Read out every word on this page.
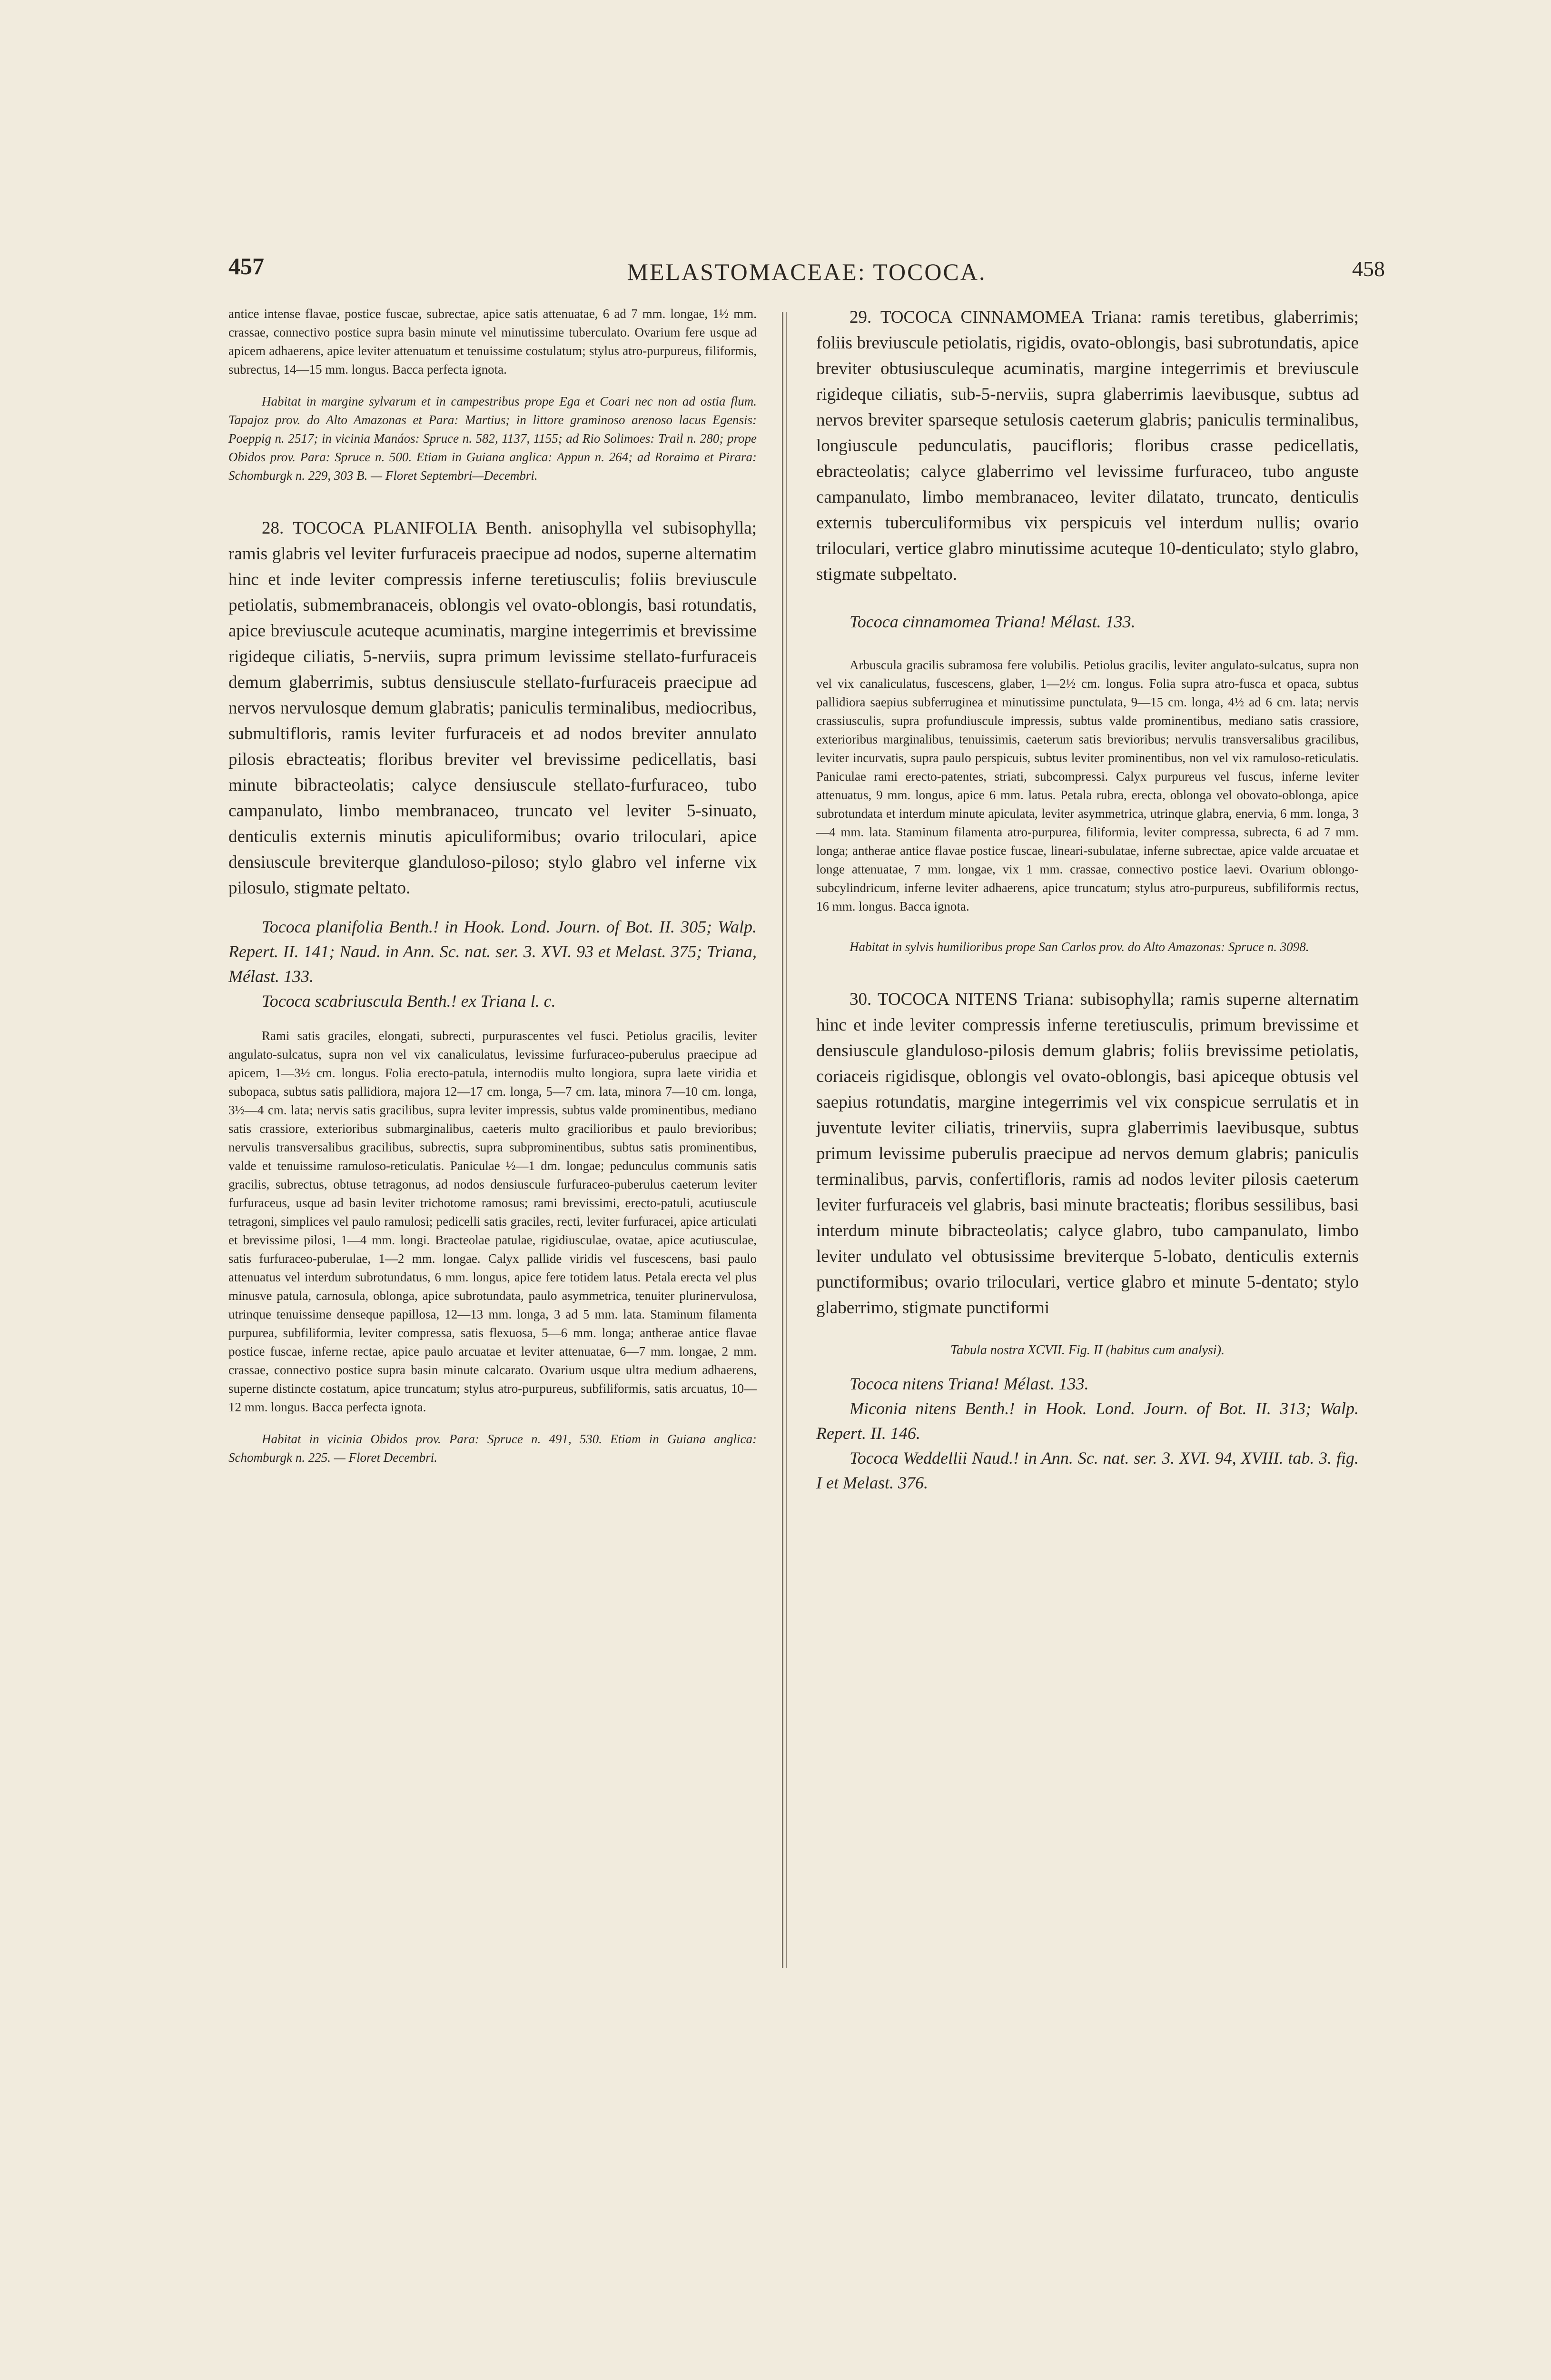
457	MELASTOMACEAE: TOCOCA.	458

antice intense flavae, postice fuscae, subrectae, apice satis attenuatae, 6 ad 7 mm. longae, 1½ mm. crassae, connectivo postice supra basin minute vel minutissime tuberculato. Ovarium fere usque ad apicem adhaerens, apice leviter attenuatum et tenuissime costulatum; stylus atro-purpureus, filiformis, subrectus, 14—15 mm. longus. Bacca perfecta ignota.

Habitat in margine sylvarum et in campestribus prope Ega et Coari nec non ad ostia flum. Tapajoz prov. do Alto Amazonas et Para: Martius; in littore graminoso arenoso lacus Egensis: Poeppig n. 2517; in vicinia Manáos: Spruce n. 582, 1137, 1155; ad Rio Solimoes: Trail n. 280; prope Obidos prov. Para: Spruce n. 500. Etiam in Guiana anglica: Appun n. 264; ad Roraima et Pirara: Schomburgk n. 229, 303 B. — Floret Septembri—Decembri.

28. TOCOCA PLANIFOLIA Benth. anisophylla vel subisophylla; ramis glabris vel leviter furfuraceis praecipue ad nodos, superne alternatim hinc et inde leviter compressis inferne teretiusculis; foliis breviuscule petiolatis, submembranaceis, oblongis vel ovato-oblongis, basi rotundatis, apice breviuscule acuteque acuminatis, margine integerrimis et brevissime rigideque ciliatis, 5-nerviis, supra primum levissime stellato-furfuraceis demum glaberrimis, subtus densiuscule stellato-furfuraceis praecipue ad nervos nervulosque demum glabratis; paniculis terminalibus, mediocribus, submultifloris, ramis leviter furfuraceis et ad nodos breviter annulato pilosis ebracteatis; floribus breviter vel brevissime pedicellatis, basi minute bibracteolatis; calyce densiuscule stellato-furfuraceo, tubo campanulato, limbo membranaceo, truncato vel leviter 5-sinuato, denticulis externis minutis apiculiformibus; ovario triloculari, apice densiuscule breviterque glanduloso-piloso; stylo glabro vel inferne vix pilosulo, stigmate peltato.

Tococa planifolia Benth.! in Hook. Lond. Journ. of Bot. II. 305; Walp. Repert. II. 141; Naud. in Ann. Sc. nat. ser. 3. XVI. 93 et Melast. 375; Triana, Mélast. 133.

Tococa scabriuscula Benth.! ex Triana l. c.

Rami satis graciles, elongati, subrecti, purpurascentes vel fusci. Petiolus gracilis, leviter angulato-sulcatus, supra non vel vix canaliculatus, levissime furfuraceo-puberulus praecipue ad apicem, 1—3½ cm. longus. Folia erecto-patula, internodiis multo longiora, supra laete viridia et subopaca, subtus satis pallidiora, majora 12—17 cm. longa, 5—7 cm. lata, minora 7—10 cm. longa, 3½—4 cm. lata; nervis satis gracilibus, supra leviter impressis, subtus valde prominentibus, mediano satis crassiore, exterioribus submarginalibus, caeteris multo gracilioribus et paulo brevioribus; nervulis transversalibus gracilibus, subrectis, supra subprominentibus, subtus satis prominentibus, valde et tenuissime ramuloso-reticulatis. Paniculae ½—1 dm. longae; pedunculus communis satis gracilis, subrectus, obtuse tetragonus, ad nodos densiuscule furfuraceo-puberulus caeterum leviter furfuraceus, usque ad basin leviter trichotome ramosus; rami brevissimi, erecto-patuli, acutiuscule tetragoni, simplices vel paulo ramulosi; pedicelli satis graciles, recti, leviter furfuracei, apice articulati et brevissime pilosi, 1—4 mm. longi. Bracteolae patulae, rigidiusculae, ovatae, apice acutiusculae, satis furfuraceo-puberulae, 1—2 mm. longae. Calyx pallide viridis vel fuscescens, basi paulo attenuatus vel interdum subrotundatus, 6 mm. longus, apice fere totidem latus. Petala erecta vel plus minusve patula, carnosula, oblonga, apice subrotundata, paulo asymmetrica, tenuiter plurinervulosa, utrinque tenuissime denseque papillosa, 12—13 mm. longa, 3 ad 5 mm. lata. Staminum filamenta purpurea, subfiliformia, leviter compressa, satis flexuosa, 5—6 mm. longa; antherae antice flavae postice fuscae, inferne rectae, apice paulo arcuatae et leviter attenuatae, 6—7 mm. longae, 2 mm. crassae, connectivo postice supra basin minute calcarato. Ovarium usque ultra medium adhaerens, superne distincte costatum, apice truncatum; stylus atro-purpureus, subfiliformis, satis arcuatus, 10—12 mm. longus. Bacca perfecta ignota.

Habitat in vicinia Obidos prov. Para: Spruce n. 491, 530. Etiam in Guiana anglica: Schomburgk n. 225. — Floret Decembri.

29. TOCOCA CINNAMOMEA Triana: ramis teretibus, glaberrimis; foliis breviuscule petiolatis, rigidis, ovato-oblongis, basi subrotundatis, apice breviter obtusiusculeque acuminatis, margine integerrimis et breviuscule rigideque ciliatis, sub-5-nerviis, supra glaberrimis laevibusque, subtus ad nervos breviter sparseque setulosis caeterum glabris; paniculis terminalibus, longiuscule pedunculatis, paucifloris; floribus crasse pedicellatis, ebracteolatis; calyce glaberrimo vel levissime furfuraceo, tubo anguste campanulato, limbo membranaceo, leviter dilatato, truncato, denticulis externis tuberculiformibus vix perspicuis vel interdum nullis; ovario triloculari, vertice glabro minutissime acuteque 10-denticulato; stylo glabro, stigmate subpeltato.

Tococa cinnamomea Triana! Mélast. 133.

Arbuscula gracilis subramosa fere volubilis. Petiolus gracilis, leviter angulato-sulcatus, supra non vel vix canaliculatus, fuscescens, glaber, 1—2½ cm. longus. Folia supra atro-fusca et opaca, subtus pallidiora saepius subferruginea et minutissime punctulata, 9—15 cm. longa, 4½ ad 6 cm. lata; nervis crassiusculis, supra profundiuscule impressis, subtus valde prominentibus, mediano satis crassiore, exterioribus marginalibus, tenuissimis, caeterum satis brevioribus; nervulis transversalibus gracilibus, leviter incurvatis, supra paulo perspicuis, subtus leviter prominentibus, non vel vix ramuloso-reticulatis. Paniculae rami erecto-patentes, striati, subcompressi. Calyx purpureus vel fuscus, inferne leviter attenuatus, 9 mm. longus, apice 6 mm. latus. Petala rubra, erecta, oblonga vel obovato-oblonga, apice subrotundata et interdum minute apiculata, leviter asymmetrica, utrinque glabra, enervia, 6 mm. longa, 3—4 mm. lata. Staminum filamenta atro-purpurea, filiformia, leviter compressa, subrecta, 6 ad 7 mm. longa; antherae antice flavae postice fuscae, lineari-subulatae, inferne subrectae, apice valde arcuatae et longe attenuatae, 7 mm. longae, vix 1 mm. crassae, connectivo postice laevi. Ovarium oblongo-subcylindricum, inferne leviter adhaerens, apice truncatum; stylus atro-purpureus, subfiliformis rectus, 16 mm. longus. Bacca ignota.

Habitat in sylvis humilioribus prope San Carlos prov. do Alto Amazonas: Spruce n. 3098.

30. TOCOCA NITENS Triana: subisophylla; ramis superne alternatim hinc et inde leviter compressis inferne teretiusculis, primum brevissime et densiuscule glanduloso-pilosis demum glabris; foliis brevissime petiolatis, coriaceis rigidisque, oblongis vel ovato-oblongis, basi apiceque obtusis vel saepius rotundatis, margine integerrimis vel vix conspicue serrulatis et in juventute leviter ciliatis, trinerviis, supra glaberrimis laevibusque, subtus primum levissime puberulis praecipue ad nervos demum glabris; paniculis terminalibus, parvis, confertifloris, ramis ad nodos leviter pilosis caeterum leviter furfuraceis vel glabris, basi minute bracteatis; floribus sessilibus, basi interdum minute bibracteolatis; calyce glabro, tubo campanulato, limbo leviter undulato vel obtusissime breviterque 5-lobato, denticulis externis punctiformibus; ovario triloculari, vertice glabro et minute 5-dentato; stylo glaberrimo, stigmate punctiformi

Tabula nostra XCVII. Fig. II (habitus cum analysi).

Tococa nitens Triana! Mélast. 133.

Miconia nitens Benth.! in Hook. Lond. Journ. of Bot. II. 313; Walp. Repert. II. 146.

Tococa Weddellii Naud.! in Ann. Sc. nat. ser. 3. XVI. 94, XVIII. tab. 3. fig. I et Melast. 376.
